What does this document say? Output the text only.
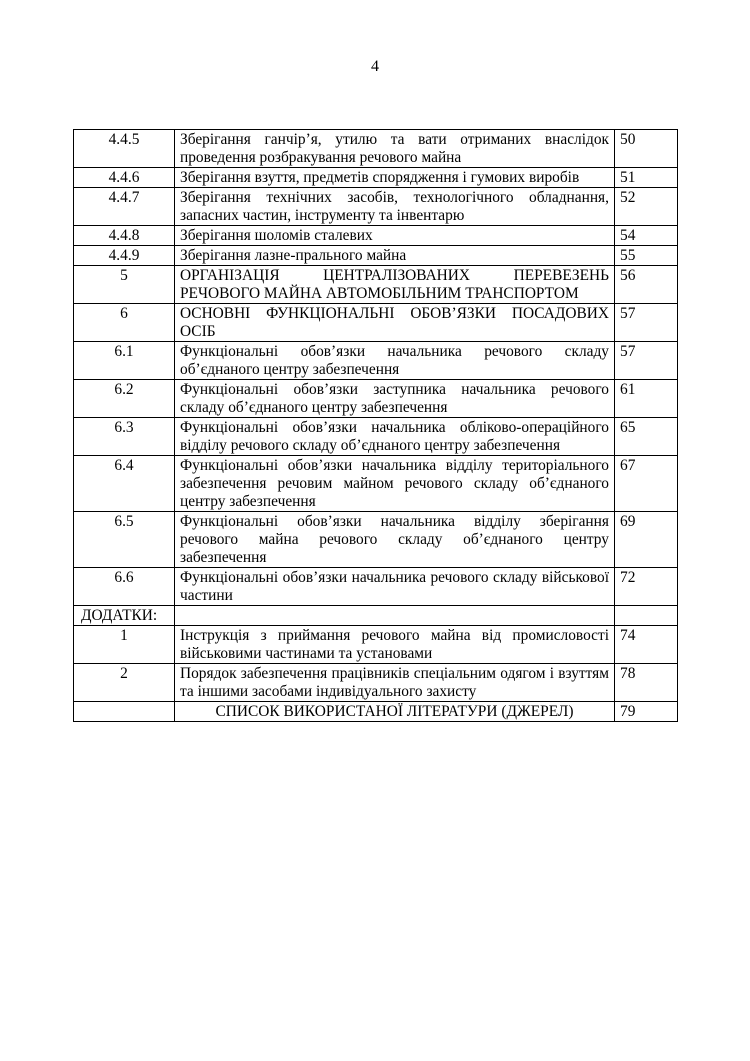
4
4.4.5	Зберігання ганчір’я, утилю та вати отриманих внаслідок проведення розбракування речового майна	50
4.4.6	Зберігання взуття, предметів спорядження і гумових виробів	51
4.4.7	Зберігання технічних засобів, технологічного обладнання, запасних частин, інструменту та інвентарю	52
4.4.8	Зберігання шоломів сталевих	54
4.4.9	Зберігання лазне-прального майна	55
5	ОРГАНІЗАЦІЯ ЦЕНТРАЛІЗОВАНИХ ПЕРЕВЕЗЕНЬ РЕЧОВОГО МАЙНА АВТОМОБІЛЬНИМ ТРАНСПОРТОМ	56
6	ОСНОВНІ ФУНКЦІОНАЛЬНІ ОБОВ’ЯЗКИ ПОСАДОВИХ ОСІБ	57
6.1	Функціональні обов’язки начальника речового складу об’єднаного центру забезпечення	57
6.2	Функціональні обов’язки заступника начальника речового складу об’єднаного центру забезпечення	61
6.3	Функціональні обов’язки начальника обліково-операційного відділу речового складу об’єднаного центру забезпечення	65
6.4	Функціональні обов’язки начальника відділу територіального забезпечення речовим майном речового складу об’єднаного центру забезпечення	67
6.5	Функціональні обов’язки начальника відділу зберігання речового майна речового складу об’єднаного центру забезпечення	69
6.6	Функціональні обов’язки начальника речового складу військової частини	72
ДОДАТКИ:		
1	Інструкція з приймання речового майна від промисловості військовими частинами та установами	74
2	Порядок забезпечення працівників спеціальним одягом і взуттям та іншими засобами індивідуального захисту	78
	СПИСОК ВИКОРИСТАНОЇ ЛІТЕРАТУРИ (ДЖЕРЕЛ)	79
